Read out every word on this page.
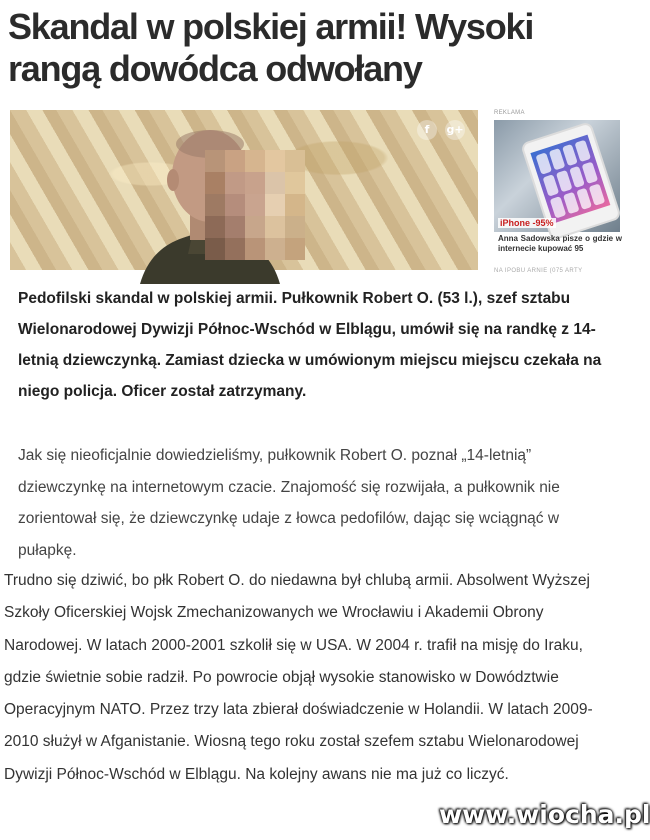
Skandal w polskiej armii! Wysoki rangą dowódca odwołany
f	g+
REKLAMA
iPhone -95%
Anna Sadowska pisze o gdzie w internecie kupować 95
NA IPOBU ARNIE (075 ARTY

Pedofilski skandal w polskiej armii. Pułkownik Robert O. (53 l.), szef sztabu Wielonarodowej Dywizji Północ-Wschód w Elblągu, umówił się na randkę z 14-letnią dziewczynką. Zamiast dziecka w umówionym miejscu miejscu czekała na niego policja. Oficer został zatrzymany.

Jak się nieoficjalnie dowiedzieliśmy, pułkownik Robert O. poznał „14-letnią” dziewczynkę na internetowym czacie. Znajomość się rozwijała, a pułkownik nie zorientował się, że dziewczynkę udaje z łowca pedofilów, dając się wciągnąć w pułapkę.

Trudno się dziwić, bo płk Robert O. do niedawna był chlubą armii. Absolwent Wyższej Szkoły Oficerskiej Wojsk Zmechanizowanych we Wrocławiu i Akademii Obrony Narodowej. W latach 2000-2001 szkolił się w USA. W 2004 r. trafił na misję do Iraku, gdzie świetnie sobie radził. Po powrocie objął wysokie stanowisko w Dowództwie Operacyjnym NATO. Przez trzy lata zbierał doświadczenie w Holandii. W latach 2009-2010 służył w Afganistanie. Wiosną tego roku został szefem sztabu Wielonarodowej Dywizji Północ-Wschód w Elblągu. Na kolejny awans nie ma już co liczyć.

www.wiocha.pl
